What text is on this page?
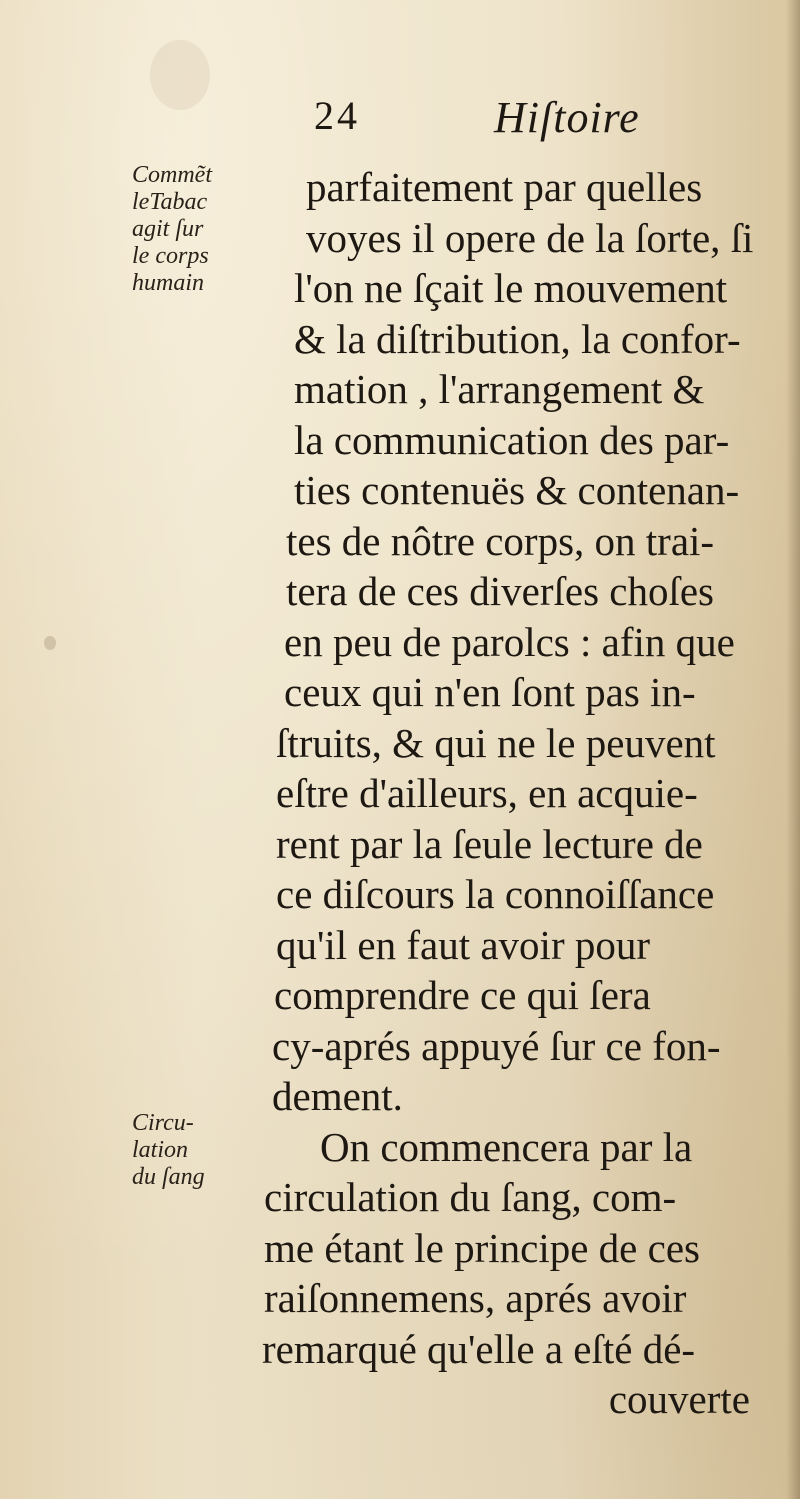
24	Hiſtoire
Commẽt
leTabac
agit ſur
le corps
humain
Circu-
lation
du ſang
parfaitement par quelles
voyes il opere de la ſorte, ſi
l'on ne ſçait le mouvement
& la diſtribution, la confor-
mation , l'arrangement &
la communication des par-
ties contenuës & contenan-
tes de nôtre corps, on trai-
tera de ces diverſes choſes
en peu de parolcs : afin que
ceux qui n'en ſont pas in-
ſtruits, & qui ne le peuvent
eſtre d'ailleurs, en acquie-
rent par la ſeule lecture de
ce diſcours la connoiſſance
qu'il en faut avoir pour
comprendre ce qui ſera
cy-aprés appuyé ſur ce fon-
dement.
On commencera par la
circulation du ſang, com-
me étant le principe de ces
raiſonnemens, aprés avoir
remarqué qu'elle a eſté dé-
couverte
